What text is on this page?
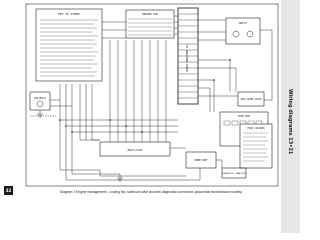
KEY TO ITEMS	ENGINE FAN
ENGINE MANAGEMENT ECU
RELAY
IDLE SPEED VALVE
FUSE BOX
FUSE COLOURS
DIAGNOSTIC CONNECTOR
FAN RELAY
MULTI-PLUG
POWER UNIT
Wiring diagrams 13•21
32	Diagram 7 Engine management - cooling fan, solenoid valve and anti-diagnostic connectors (automatic transmission models)
